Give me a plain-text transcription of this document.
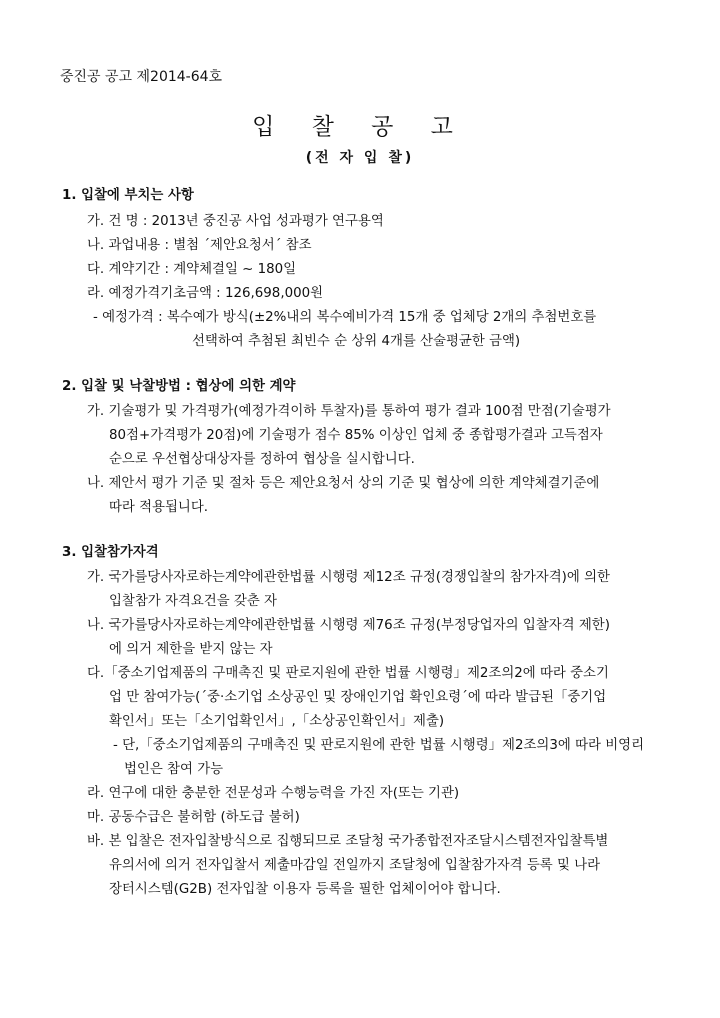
중진공 공고 제2014-64호
입 찰 공 고
(전 자 입 찰)
1. 입찰에 부치는 사항
가. 건 명 : 2013년 중진공 사업 성과평가 연구용역
나. 과업내용 : 별첨 ´제안요청서´ 참조
다. 계약기간 : 계약체결일 ~ 180일
라. 예정가격기초금액 : 126,698,000원
- 예정가격 : 복수예가 방식(±2%내의 복수예비가격 15개 중 업체당 2개의 추첨번호를
선택하여 추첨된 최빈수 순 상위 4개를 산술평균한 금액)
2. 입찰 및 낙찰방법 : 협상에 의한 계약
가. 기술평가 및 가격평가(예정가격이하 투찰자)를 통하여 평가 결과 100점 만점(기술평가
80점+가격평가 20점)에 기술평가 점수 85% 이상인 업체 중 종합평가결과 고득점자
순으로 우선협상대상자를 정하여 협상을 실시합니다.
나. 제안서 평가 기준 및 절차 등은 제안요청서 상의 기준 및 협상에 의한 계약체결기준에
따라 적용됩니다.
3. 입찰참가자격
가. 국가를당사자로하는계약에관한법률 시행령 제12조 규정(경쟁입찰의 참가자격)에 의한
입찰참가 자격요건을 갖춘 자
나. 국가를당사자로하는계약에관한법률 시행령 제76조 규정(부정당업자의 입찰자격 제한)
에 의거 제한을 받지 않는 자
다.「중소기업제품의 구매촉진 및 판로지원에 관한 법률 시행령」제2조의2에 따라 중소기
업 만 참여가능(´중·소기업 소상공인 및 장애인기업 확인요령´에 따라 발급된「중기업
확인서」또는「소기업확인서」,「소상공인확인서」제출)
- 단,「중소기업제품의 구매촉진 및 판로지원에 관한 법률 시행령」제2조의3에 따라 비영리
법인은 참여 가능
라. 연구에 대한 충분한 전문성과 수행능력을 가진 자(또는 기관)
마. 공동수급은 불허함 (하도급 불허)
바. 본 입찰은 전자입찰방식으로 집행되므로 조달청 국가종합전자조달시스템전자입찰특별
유의서에 의거 전자입찰서 제출마감일 전일까지 조달청에 입찰참가자격 등록 및 나라
장터시스템(G2B) 전자입찰 이용자 등록을 필한 업체이어야 합니다.
